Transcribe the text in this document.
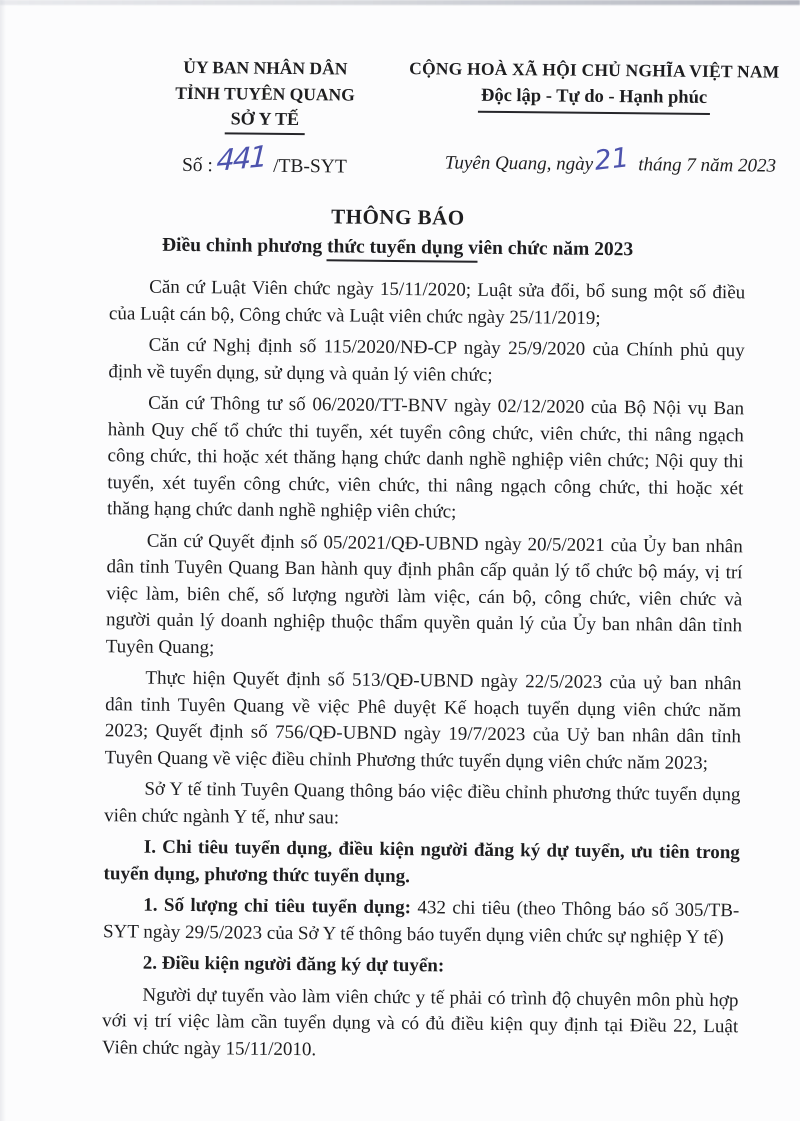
ỦY BAN NHÂN DÂN
TỈNH TUYÊN QUANG
SỞ Y TẾ
Số : 441 /TB-SYT
CỘNG HOÀ XÃ HỘI CHỦ NGHĨA VIỆT NAM
Độc lập - Tự do - Hạnh phúc
Tuyên Quang, ngày21 tháng 7 năm 2023
THÔNG BÁO
Điều chỉnh phương thức tuyển dụng viên chức năm 2023

Căn cứ Luật Viên chức ngày 15/11/2020; Luật sửa đổi, bổ sung một số điều của Luật cán bộ, Công chức và Luật viên chức ngày 25/11/2019;

Căn cứ Nghị định số 115/2020/NĐ-CP ngày 25/9/2020 của Chính phủ quy định về tuyển dụng, sử dụng và quản lý viên chức;

Căn cứ Thông tư số 06/2020/TT-BNV ngày 02/12/2020 của Bộ Nội vụ Ban hành Quy chế tổ chức thi tuyển, xét tuyển công chức, viên chức, thi nâng ngạch công chức, thi hoặc xét thăng hạng chức danh nghề nghiệp viên chức; Nội quy thi tuyển, xét tuyển công chức, viên chức, thi nâng ngạch công chức, thi hoặc xét thăng hạng chức danh nghề nghiệp viên chức;

Căn cứ Quyết định số 05/2021/QĐ-UBND ngày 20/5/2021 của Ủy ban nhân dân tỉnh Tuyên Quang Ban hành quy định phân cấp quản lý tổ chức bộ máy, vị trí việc làm, biên chế, số lượng người làm việc, cán bộ, công chức, viên chức và người quản lý doanh nghiệp thuộc thẩm quyền quản lý của Ủy ban nhân dân tỉnh Tuyên Quang;

Thực hiện Quyết định số 513/QĐ-UBND ngày 22/5/2023 của uỷ ban nhân dân tỉnh Tuyên Quang về việc Phê duyệt Kế hoạch tuyển dụng viên chức năm 2023; Quyết định số 756/QĐ-UBND ngày 19/7/2023 của Uỷ ban nhân dân tỉnh Tuyên Quang về việc điều chỉnh Phương thức tuyển dụng viên chức năm 2023;

Sở Y tế tỉnh Tuyên Quang thông báo việc điều chỉnh phương thức tuyển dụng viên chức ngành Y tế, như sau:

I. Chi tiêu tuyển dụng, điều kiện người đăng ký dự tuyển, ưu tiên trong tuyển dụng, phương thức tuyển dụng.

1. Số lượng chỉ tiêu tuyển dụng: 432 chi tiêu (theo Thông báo số 305/TB-SYT ngày 29/5/2023 của Sở Y tế thông báo tuyển dụng viên chức sự nghiệp Y tế)

2. Điều kiện người đăng ký dự tuyển:

Người dự tuyển vào làm viên chức y tế phải có trình độ chuyên môn phù hợp với vị trí việc làm cần tuyển dụng và có đủ điều kiện quy định tại Điều 22, Luật Viên chức ngày 15/11/2010.
